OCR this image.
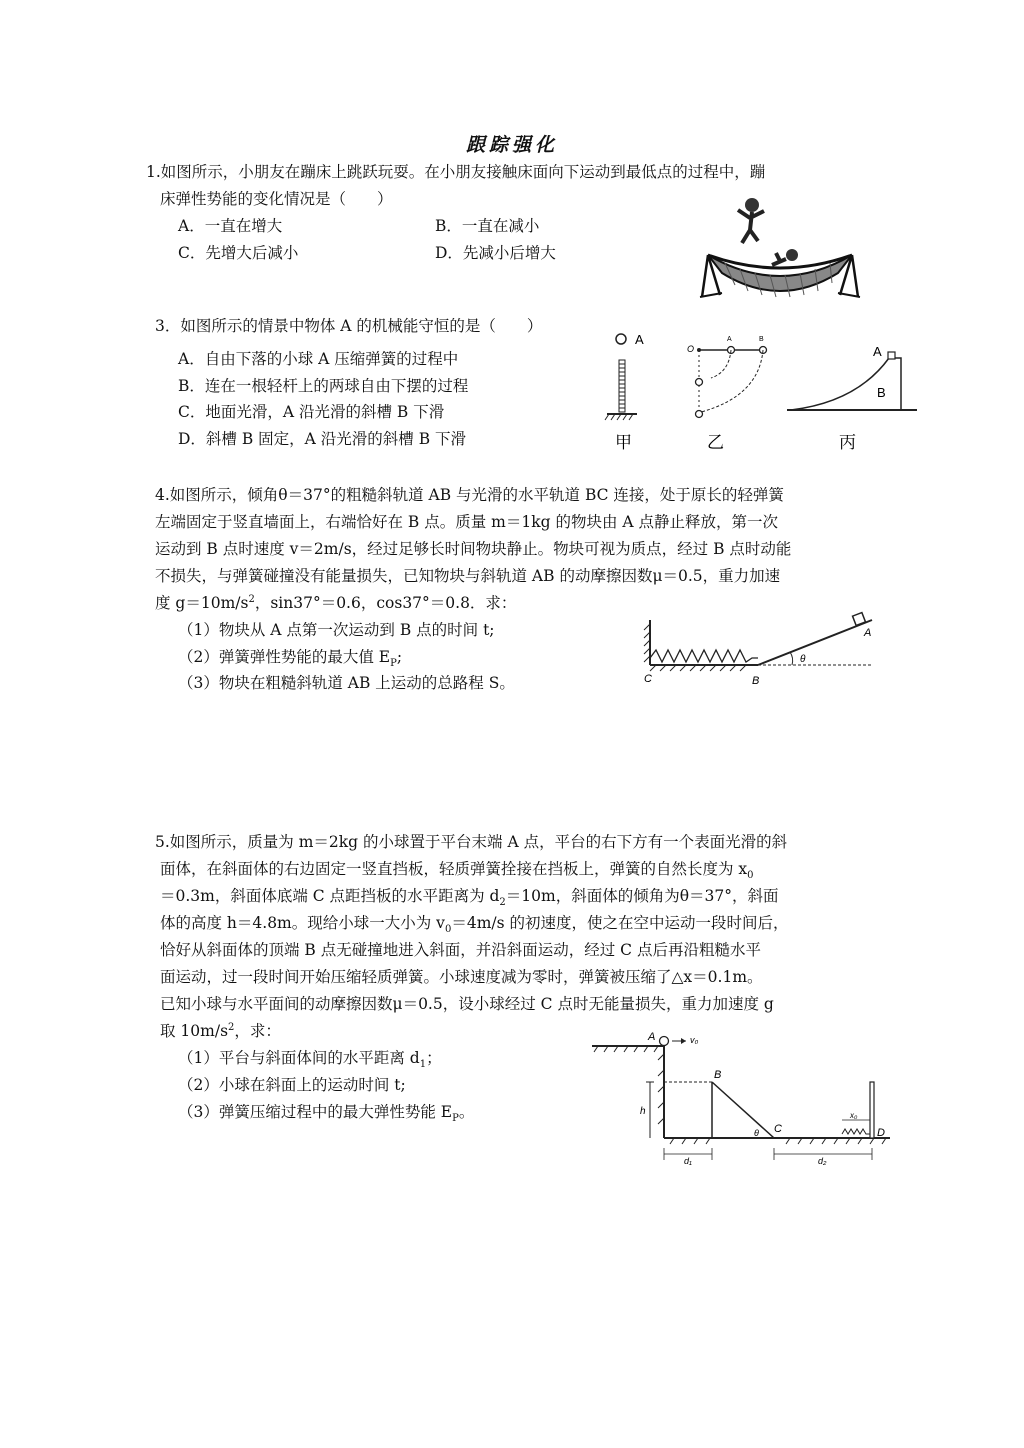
跟踪强化
1.如图所示，小朋友在蹦床上跳跃玩耍。在小朋友接触床面向下运动到最低点的过程中，蹦
床弹性势能的变化情况是（　　）
A．一直在增大	B．一直在减小
C．先增大后减小	D．先减小后增大
3．如图所示的情景中物体 A 的机械能守恒的是（　　）
A．自由下落的小球 A 压缩弹簧的过程中
B．连在一根轻杆上的两球自由下摆的过程
C．地面光滑，A 沿光滑的斜槽 B 下滑
D．斜槽 B 固定，A 沿光滑的斜槽 B 下滑
A
甲
O
A	B
乙
A
B
丙
4.如图所示，倾角θ＝37°的粗糙斜轨道 AB 与光滑的水平轨道 BC 连接，处于原长的轻弹簧
左端固定于竖直墙面上，右端恰好在 B 点。质量 m＝1kg 的物块由 A 点静止释放，第一次
运动到 B 点时速度 v＝2m/s，经过足够长时间物块静止。物块可视为质点，经过 B 点时动能
不损失，与弹簧碰撞没有能量损失，已知物块与斜轨道 AB 的动摩擦因数μ＝0.5，重力加速
度 $g=10m/s^2$，sin37°＝0.6，cos37°＝0.8．求：
（1）物块从 A 点第一次运动到 B 点的时间 t;
（2）弹簧弹性势能的最大值 $E_P$;
（3）物块在粗糙斜轨道 AB 上运动的总路程 S。	C	B
A
θ
5.如图所示，质量为 m＝2kg 的小球置于平台末端 A 点，平台的右下方有一个表面光滑的斜
面体，在斜面体的右边固定一竖直挡板，轻质弹簧拴接在挡板上，弹簧的自然长度为 $x_0$
＝0.3m，斜面体底端 C 点距挡板的水平距离为 $d_2=10m$，斜面体的倾角为θ＝37°，斜面
体的高度 h＝4.8m。现给小球一大小为 $v_0=4m/s$ 的初速度，使之在空中运动一段时间后，
恰好从斜面体的顶端 B 点无碰撞地进入斜面，并沿斜面运动，经过 C 点后再沿粗糙水平
面运动，过一段时间开始压缩轻质弹簧。小球速度减为零时，弹簧被压缩了△x＝0.1m。
已知小球与水平面间的动摩擦因数μ＝0.5，设小球经过 C 点时无能量损失，重力加速度 g
取 $10m/s^2$，求：
（1）平台与斜面体间的水平距离 $d_1$；
（2）小球在斜面上的运动时间 t;
（3）弹簧压缩过程中的最大弹性势能 $E_P$。
A	v₀
h
B
θ C
x₀
D
d₁	d₂
